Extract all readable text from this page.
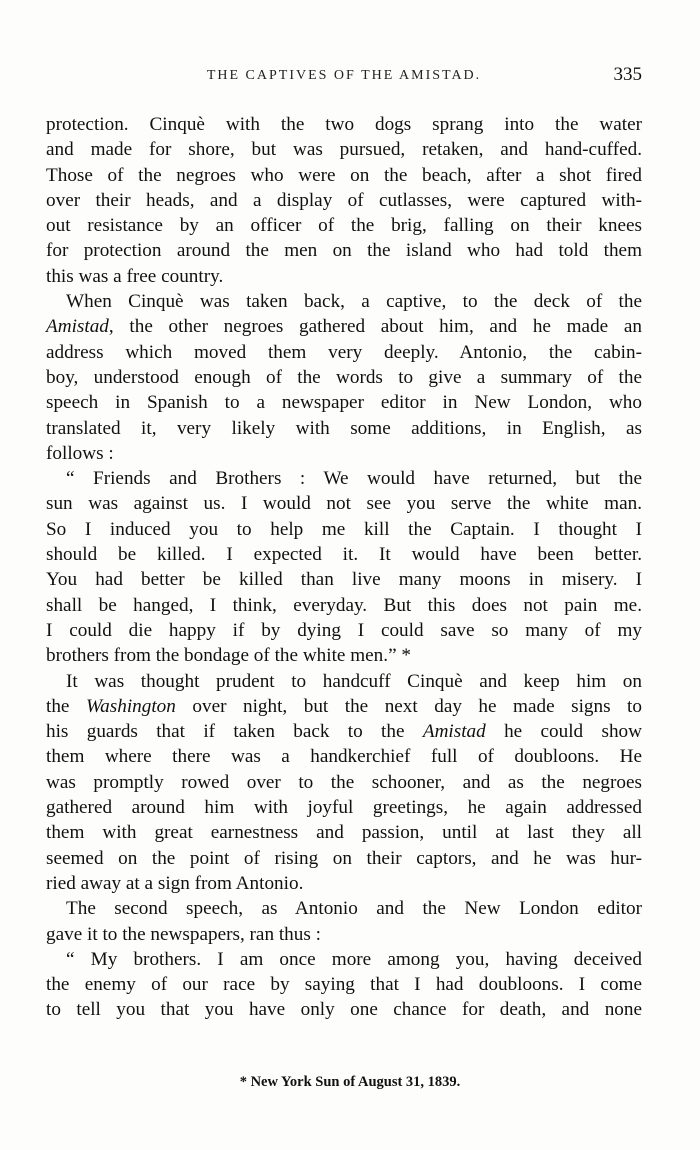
THE CAPTIVES OF THE AMISTAD.	335
protection. Cinquè with the two dogs sprang into the water
and made for shore, but was pursued, retaken, and hand-cuffed.
Those of the negroes who were on the beach, after a shot fired
over their heads, and a display of cutlasses, were captured with-
out resistance by an officer of the brig, falling on their knees
for protection around the men on the island who had told them
this was a free country.
When Cinquè was taken back, a captive, to the deck of the
Amistad, the other negroes gathered about him, and he made an
address which moved them very deeply. Antonio, the cabin-
boy, understood enough of the words to give a summary of the
speech in Spanish to a newspaper editor in New London, who
translated it, very likely with some additions, in English, as
follows :
“ Friends and Brothers : We would have returned, but the
sun was against us. I would not see you serve the white man.
So I induced you to help me kill the Captain. I thought I
should be killed. I expected it. It would have been better.
You had better be killed than live many moons in misery. I
shall be hanged, I think, everyday. But this does not pain me.
I could die happy if by dying I could save so many of my
brothers from the bondage of the white men.” *
It was thought prudent to handcuff Cinquè and keep him on
the Washington over night, but the next day he made signs to
his guards that if taken back to the Amistad he could show
them where there was a handkerchief full of doubloons. He
was promptly rowed over to the schooner, and as the negroes
gathered around him with joyful greetings, he again addressed
them with great earnestness and passion, until at last they all
seemed on the point of rising on their captors, and he was hur-
ried away at a sign from Antonio.
The second speech, as Antonio and the New London editor
gave it to the newspapers, ran thus :
“ My brothers. I am once more among you, having deceived
the enemy of our race by saying that I had doubloons. I come
to tell you that you have only one chance for death, and none
* New York Sun of August 31, 1839.
